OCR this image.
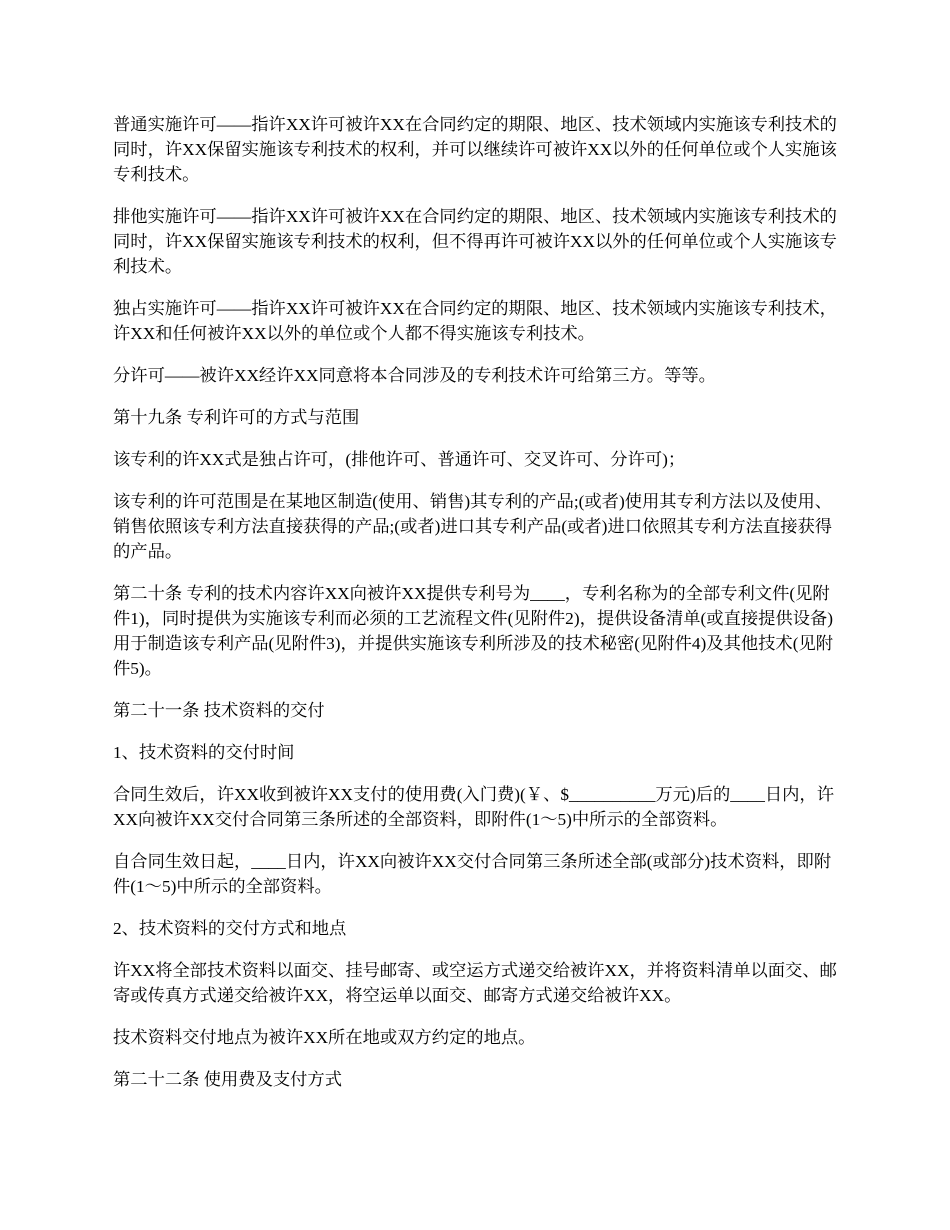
普通实施许可——指许XX许可被许XX在合同约定的期限、地区、技术领域内实施该专利技术的同时，许XX保留实施该专利技术的权利，并可以继续许可被许XX以外的任何单位或个人实施该专利技术。

排他实施许可——指许XX许可被许XX在合同约定的期限、地区、技术领域内实施该专利技术的同时，许XX保留实施该专利技术的权利，但不得再许可被许XX以外的任何单位或个人实施该专利技术。

独占实施许可——指许XX许可被许XX在合同约定的期限、地区、技术领域内实施该专利技术，许XX和任何被许XX以外的单位或个人都不得实施该专利技术。

分许可——被许XX经许XX同意将本合同涉及的专利技术许可给第三方。等等。

第十九条 专利许可的方式与范围

该专利的许XX式是独占许可，(排他许可、普通许可、交叉许可、分许可)；

该专利的许可范围是在某地区制造(使用、销售)其专利的产品;(或者)使用其专利方法以及使用、销售依照该专利方法直接获得的产品;(或者)进口其专利产品(或者)进口依照其专利方法直接获得的产品。

第二十条 专利的技术内容许XX向被许XX提供专利号为____，专利名称为的全部专利文件(见附件1)，同时提供为实施该专利而必须的工艺流程文件(见附件2)，提供设备清单(或直接提供设备)用于制造该专利产品(见附件3)，并提供实施该专利所涉及的技术秘密(见附件4)及其他技术(见附件5)。

第二十一条 技术资料的交付

1、技术资料的交付时间

合同生效后，许XX收到被许XX支付的使用费(入门费)(￥、$__________万元)后的____日内，许XX向被许XX交付合同第三条所述的全部资料，即附件(1～5)中所示的全部资料。

自合同生效日起，____日内，许XX向被许XX交付合同第三条所述全部(或部分)技术资料，即附件(1～5)中所示的全部资料。

2、技术资料的交付方式和地点

许XX将全部技术资料以面交、挂号邮寄、或空运方式递交给被许XX，并将资料清单以面交、邮寄或传真方式递交给被许XX，将空运单以面交、邮寄方式递交给被许XX。

技术资料交付地点为被许XX所在地或双方约定的地点。

第二十二条 使用费及支付方式
